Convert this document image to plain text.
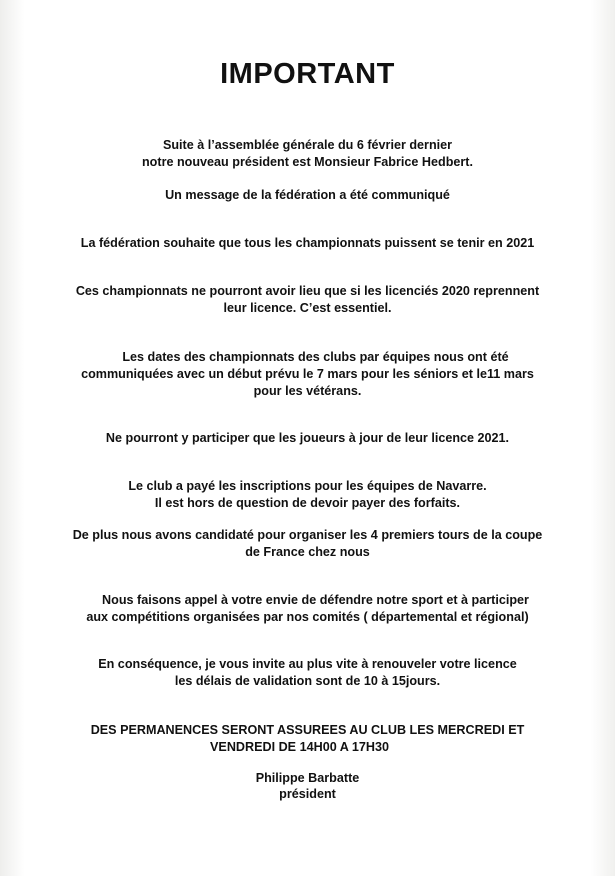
IMPORTANT
Suite à l’assemblée générale du 6 février dernier
notre nouveau président est Monsieur Fabrice Hedbert.
Un message de la fédération a été communiqué
La fédération souhaite que tous les championnats puissent se tenir en 2021
Ces championnats ne pourront avoir lieu que si les licenciés 2020 reprennent
leur licence. C’est essentiel.
Les dates des championnats des clubs par équipes nous ont été
communiquées avec un début prévu le 7 mars pour les séniors et le11 mars
pour les vétérans.
Ne pourront y participer que les joueurs à jour de leur licence 2021.
Le club a payé les inscriptions pour les équipes de Navarre.
Il est hors de question de devoir payer des forfaits.
De plus nous avons candidaté pour organiser les 4 premiers tours de la coupe
de France chez nous
Nous faisons appel à votre envie de défendre notre sport et à participer
aux compétitions organisées par nos comités ( départemental et régional)
En conséquence, je vous invite au plus vite à renouveler votre licence
les délais de validation sont de 10 à 15jours.
DES PERMANENCES SERONT ASSUREES AU CLUB LES MERCREDI ET
VENDREDI DE 14H00 A 17H30
Philippe Barbatte
président
